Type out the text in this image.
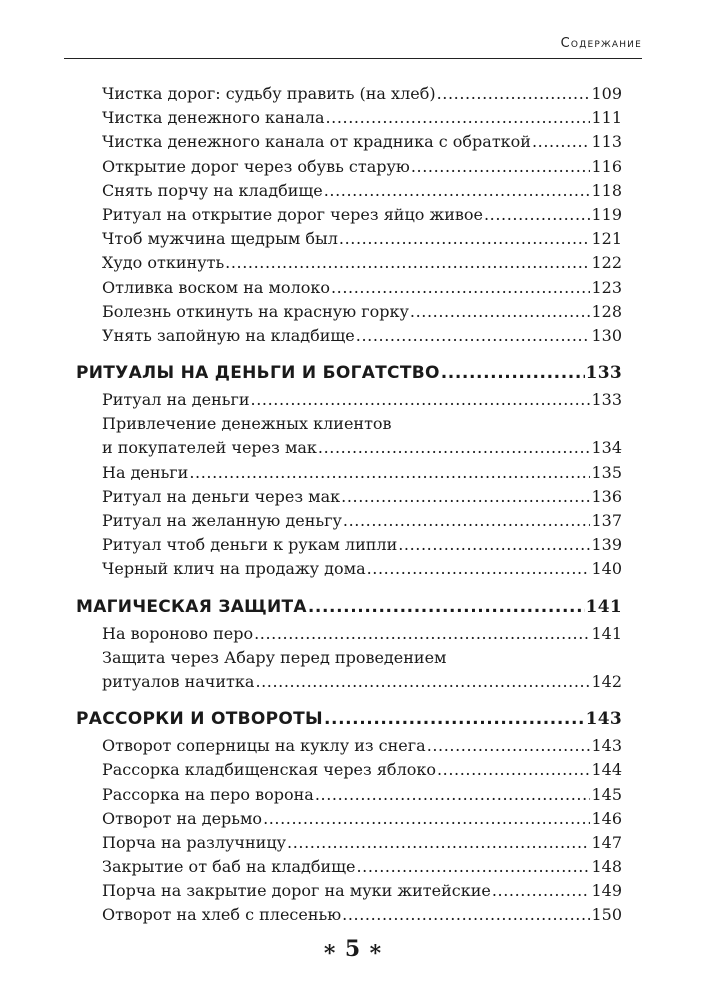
Содержание
Чистка дорог: судьбу править (на хлеб) .....	109
Чистка денежного канала .....	111
Чистка денежного канала от крадника с обраткой .....	113
Открытие дорог через обувь старую .....	116
Снять порчу на кладбище .....	118
Ритуал на открытие дорог через яйцо живое .....	119
Чтоб мужчина щедрым был .....	121
Худо откинуть .....	122
Отливка воском на молоко .....	123
Болезнь откинуть на красную горку .....	128
Унять запойную на кладбище .....	130
РИТУАЛЫ НА ДЕНЬГИ И БОГАТСТВО .....	133
Ритуал на деньги .....	133
Привлечение денежных клиентов
и покупателей через мак .....	134
На деньги .....	135
Ритуал на деньги через мак .....	136
Ритуал на желанную деньгу .....	137
Ритуал чтоб деньги к рукам липли .....	139
Черный клич на продажу дома .....	140
МАГИЧЕСКАЯ ЗАЩИТА .....	141
На вороново перо .....	141
Защита через Абару перед проведением
ритуалов начитка .....	142
РАССОРКИ И ОТВОРОТЫ .....	143
Отворот соперницы на куклу из снега .....	143
Рассорка кладбищенская через яблоко .....	144
Рассорка на перо ворона .....	145
Отворот на дерьмо .....	146
Порча на разлучницу .....	147
Закрытие от баб на кладбище .....	148
Порча на закрытие дорог на муки житейские .....	149
Отворот на хлеб с плесенью .....	150
∗ 5 ∗
